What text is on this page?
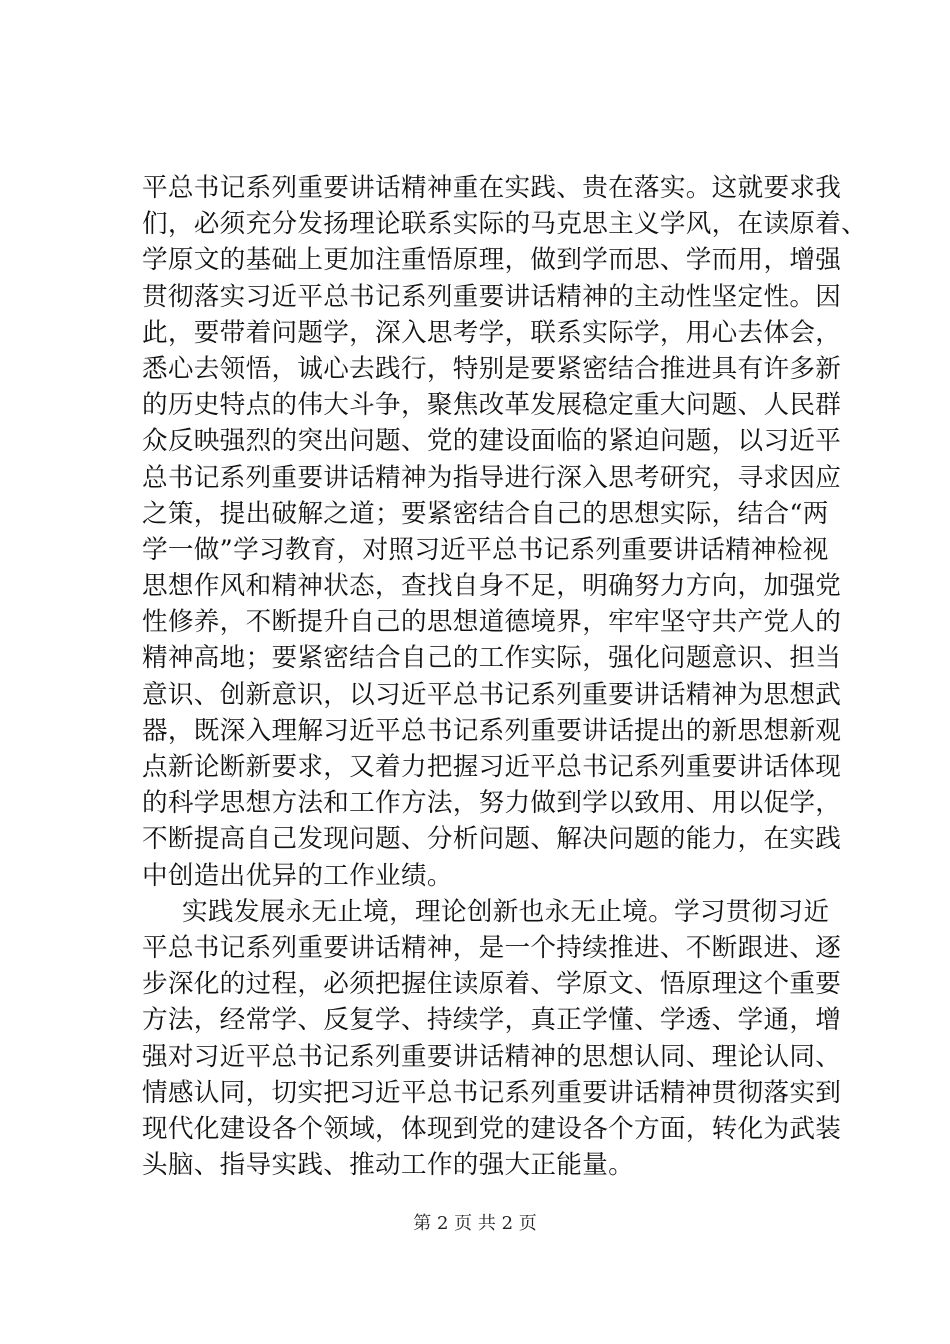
平总书记系列重要讲话精神重在实践、贵在落实。这就要求我
们，必须充分发扬理论联系实际的马克思主义学风，在读原着、
学原文的基础上更加注重悟原理，做到学而思、学而用，增强
贯彻落实习近平总书记系列重要讲话精神的主动性坚定性。因
此，要带着问题学，深入思考学，联系实际学，用心去体会，
悉心去领悟，诚心去践行，特别是要紧密结合推进具有许多新
的历史特点的伟大斗争，聚焦改革发展稳定重大问题、人民群
众反映强烈的突出问题、党的建设面临的紧迫问题，以习近平
总书记系列重要讲话精神为指导进行深入思考研究，寻求因应
之策，提出破解之道；要紧密结合自己的思想实际，结合“两
学一做”学习教育，对照习近平总书记系列重要讲话精神检视
思想作风和精神状态，查找自身不足，明确努力方向，加强党
性修养，不断提升自己的思想道德境界，牢牢坚守共产党人的
精神高地；要紧密结合自己的工作实际，强化问题意识、担当
意识、创新意识，以习近平总书记系列重要讲话精神为思想武
器，既深入理解习近平总书记系列重要讲话提出的新思想新观
点新论断新要求，又着力把握习近平总书记系列重要讲话体现
的科学思想方法和工作方法，努力做到学以致用、用以促学，
不断提高自己发现问题、分析问题、解决问题的能力，在实践
中创造出优异的工作业绩。
实践发展永无止境，理论创新也永无止境。学习贯彻习近
平总书记系列重要讲话精神，是一个持续推进、不断跟进、逐
步深化的过程，必须把握住读原着、学原文、悟原理这个重要
方法，经常学、反复学、持续学，真正学懂、学透、学通，增
强对习近平总书记系列重要讲话精神的思想认同、理论认同、
情感认同，切实把习近平总书记系列重要讲话精神贯彻落实到
现代化建设各个领域，体现到党的建设各个方面，转化为武装
头脑、指导实践、推动工作的强大正能量。
第 2 页 共 2 页
